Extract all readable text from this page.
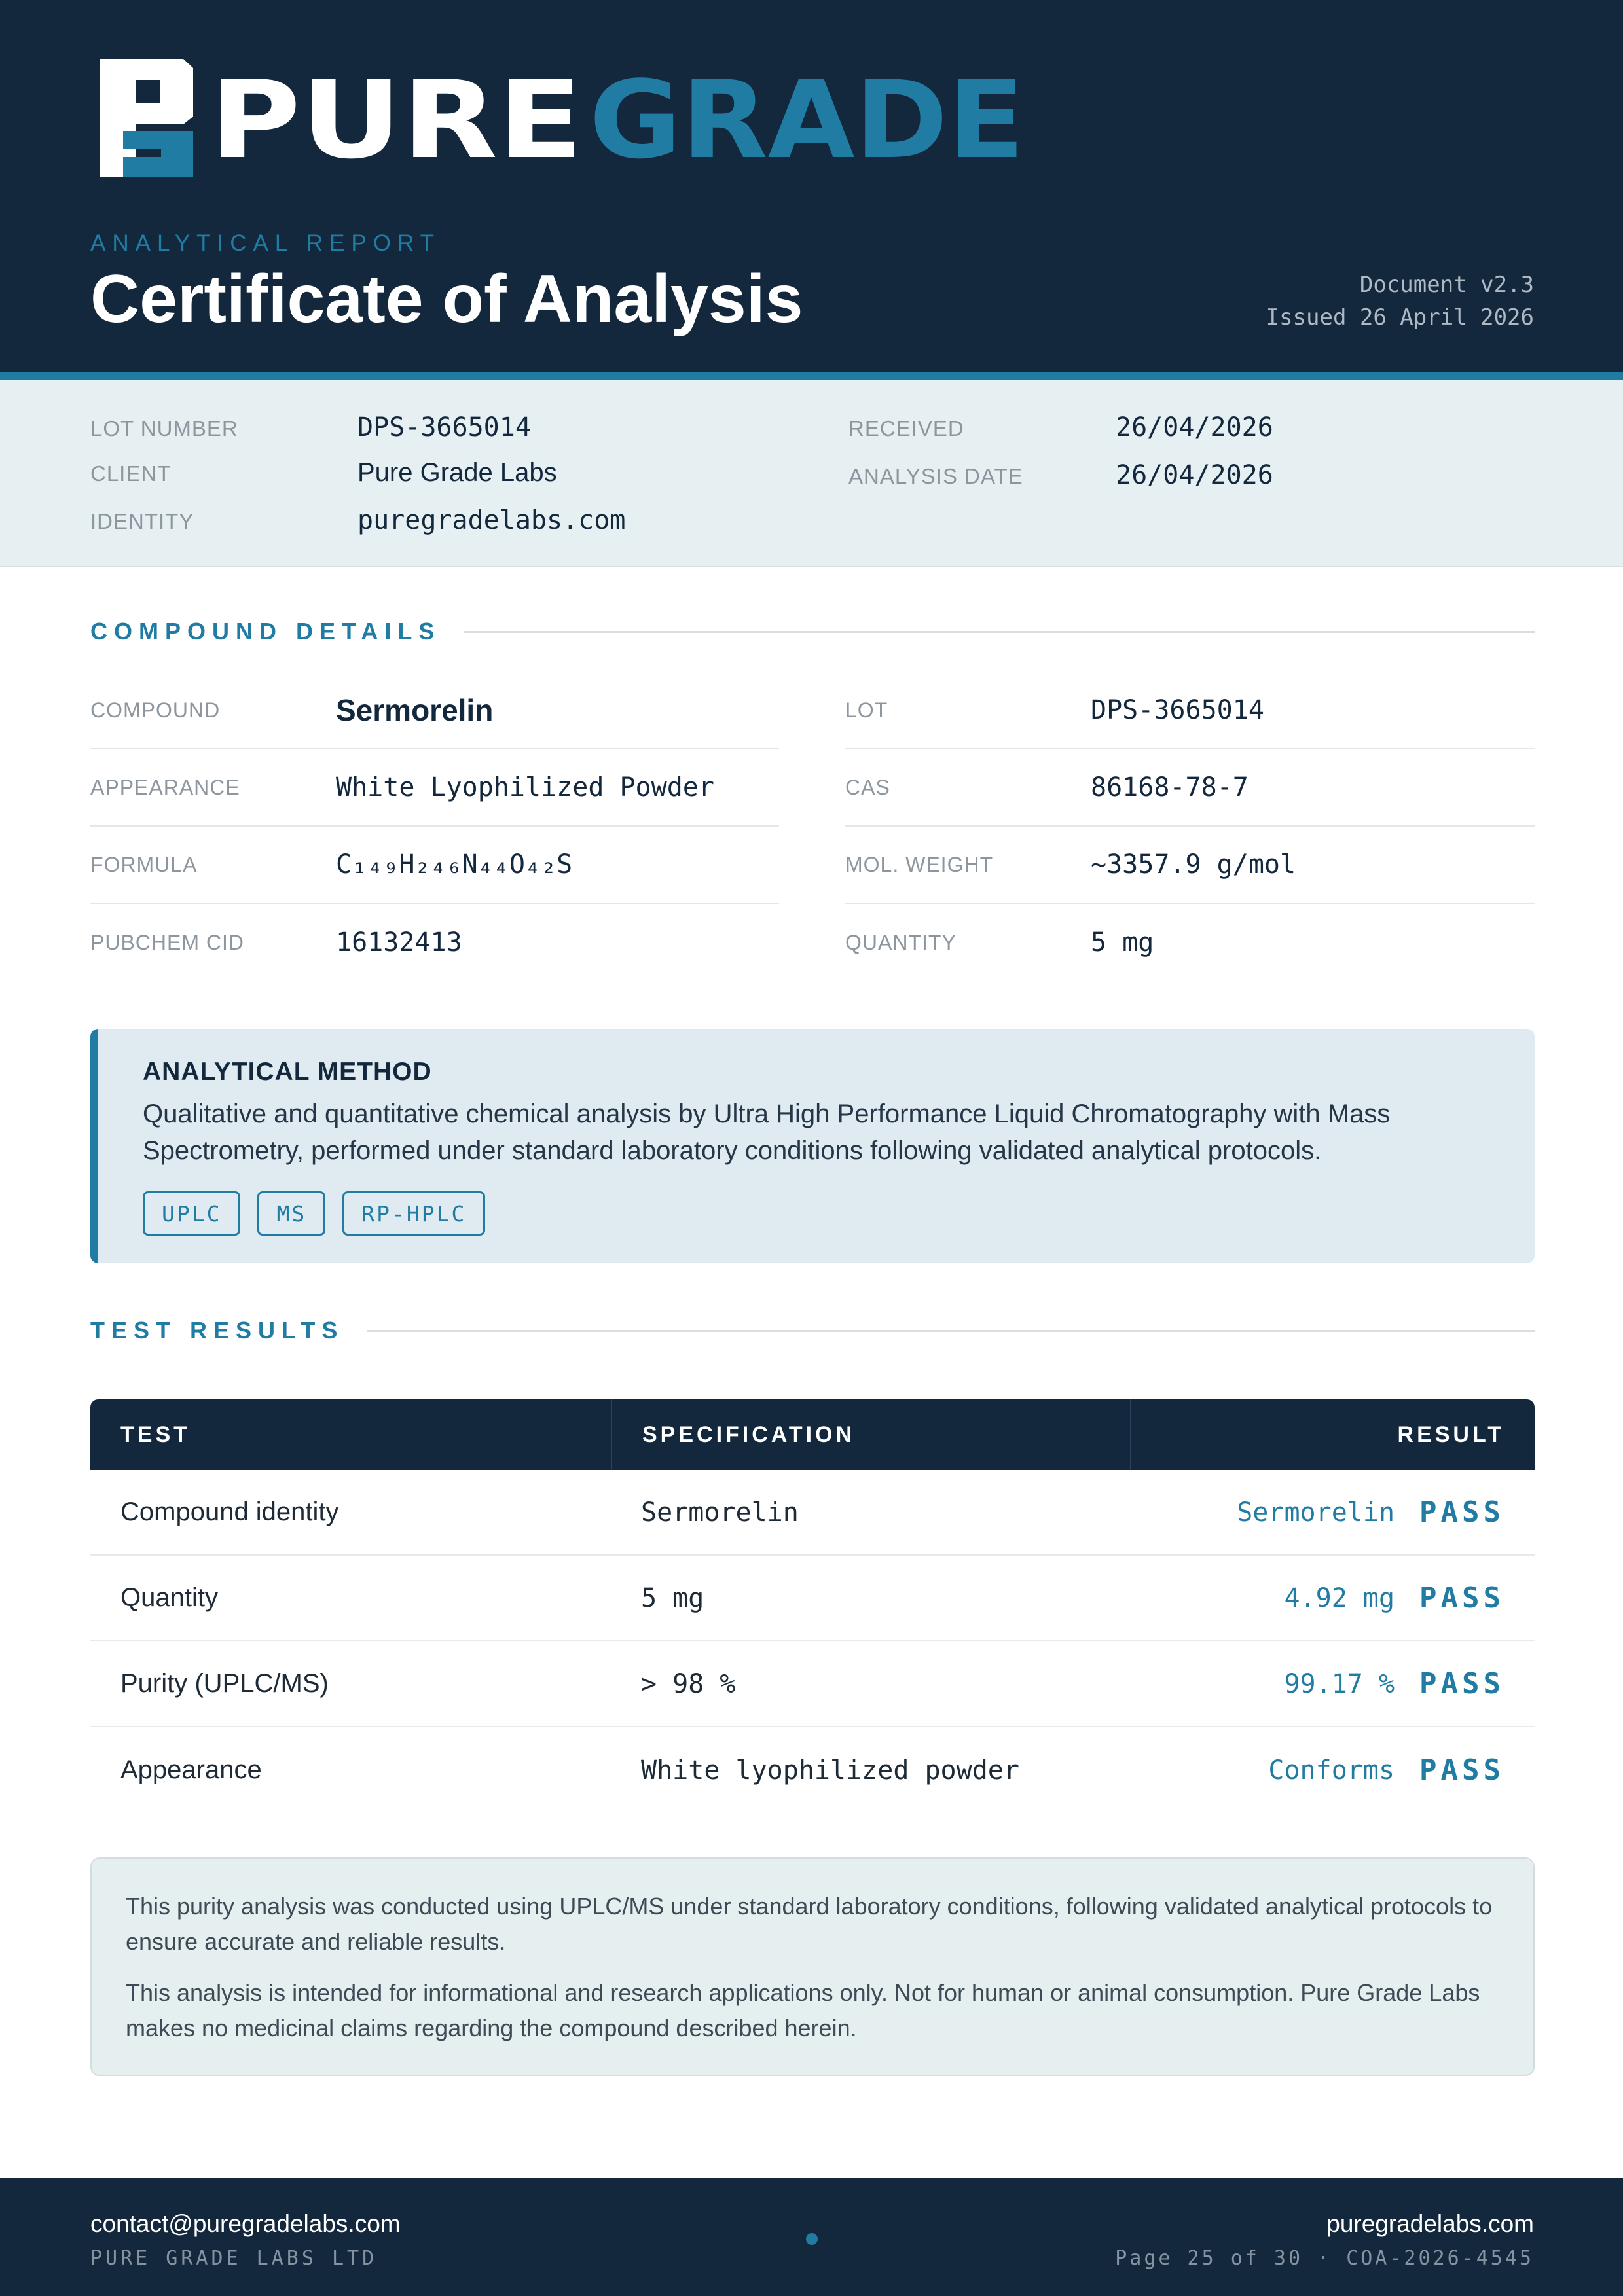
PURE GRADE
ANALYTICAL REPORT
Certificate of Analysis	Document v2.3
Issued 26 April 2026
LOT NUMBER	DPS-3665014
CLIENT	Pure Grade Labs
IDENTITY	puregradelabs.com
RECEIVED	26/04/2026
ANALYSIS DATE	26/04/2026
COMPOUND DETAILS
COMPOUND	Sermorelin	LOT	DPS-3665014
APPEARANCE	White Lyophilized Powder	CAS	86168-78-7
FORMULA	C₁₄₉H₂₄₆N₄₄O₄₂S	MOL. WEIGHT	~3357.9 g/mol
PUBCHEM CID	16132413	QUANTITY	5 mg
ANALYTICAL METHOD
Qualitative and quantitative chemical analysis by Ultra High Performance Liquid Chromatography with Mass Spectrometry, performed under standard laboratory conditions following validated analytical protocols.
UPLC	MS	RP-HPLC
TEST RESULTS
TEST	SPECIFICATION	RESULT
Compound identity	Sermorelin	Sermorelin PASS
Quantity	5 mg	4.92 mg PASS
Purity (UPLC/MS)	> 98 %	99.17 % PASS
Appearance	White lyophilized powder	Conforms PASS

This purity analysis was conducted using UPLC/MS under standard laboratory conditions, following validated analytical protocols to ensure accurate and reliable results.

This analysis is intended for informational and research applications only. Not for human or animal consumption. Pure Grade Labs makes no medicinal claims regarding the compound described herein.

contact@puregradelabs.com
PURE GRADE LABS LTD
puregradelabs.com
Page 25 of 30 · COA-2026-4545
